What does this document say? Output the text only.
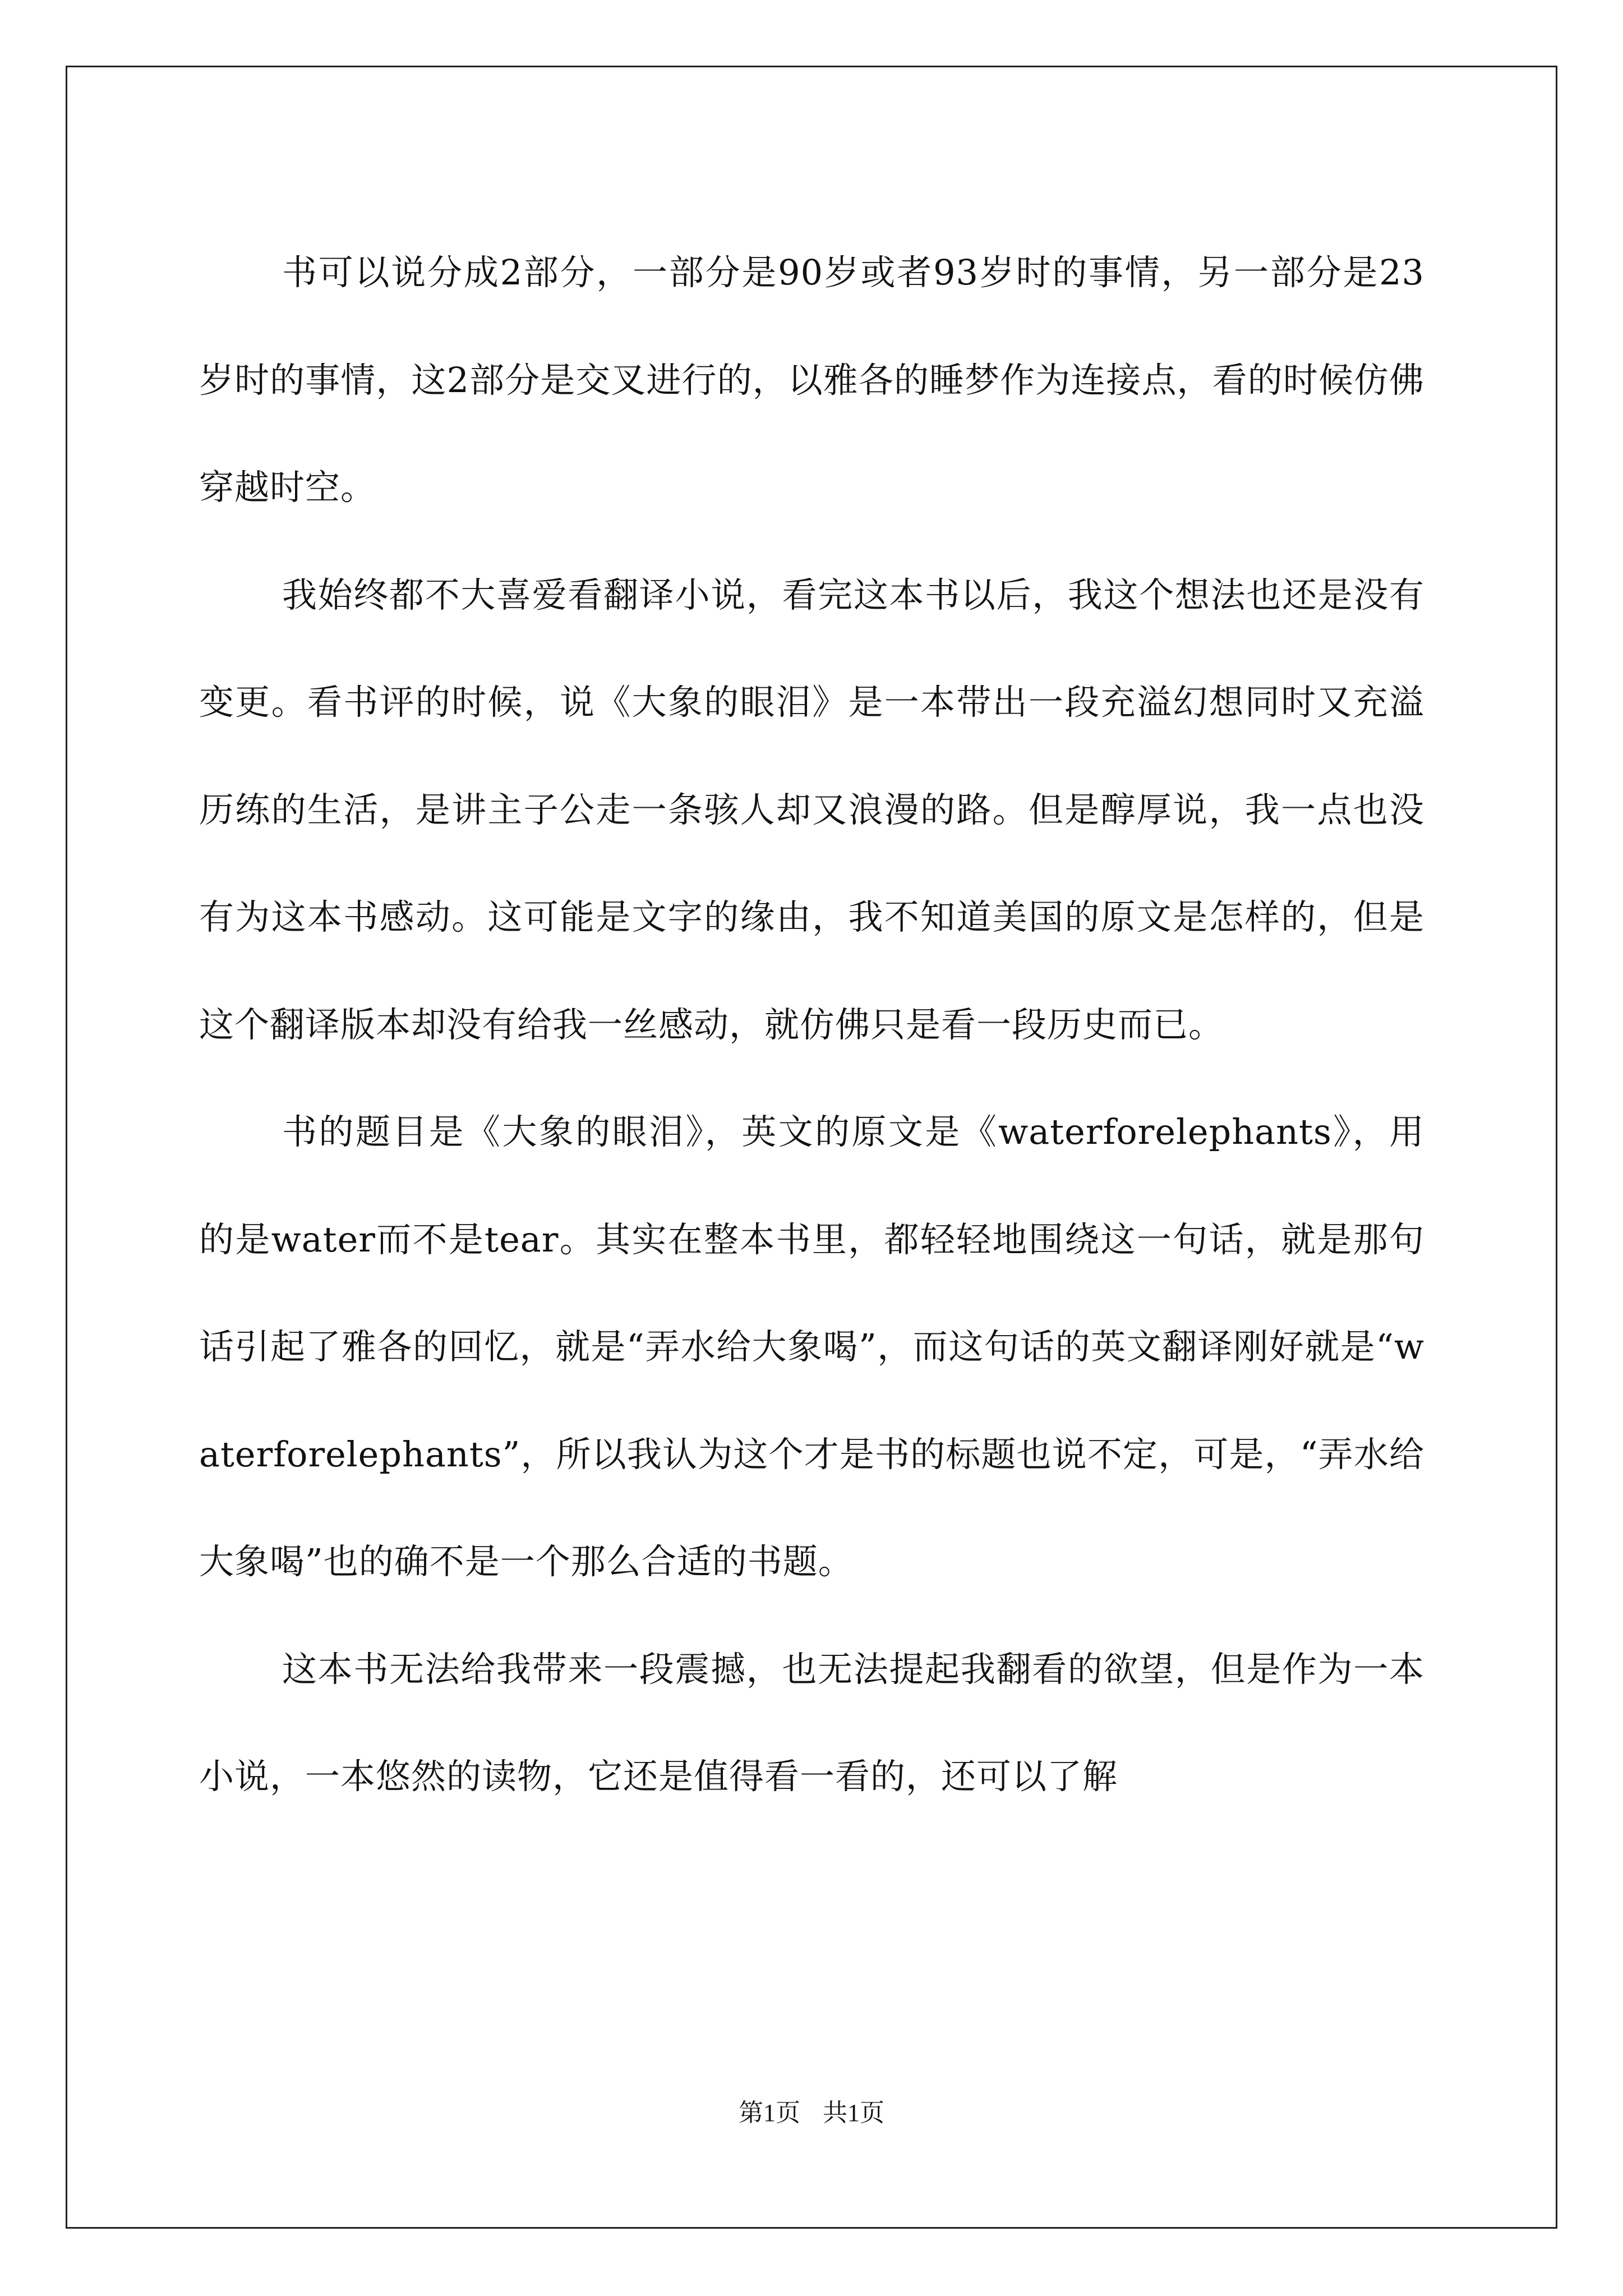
书可以说分成2部分，一部分是90岁或者93岁时的事情，另一部分是23岁时的事情，这2部分是交叉进行的，以雅各的睡梦作为连接点，看的时候仿佛穿越时空。

我始终都不大喜爱看翻译小说，看完这本书以后，我这个想法也还是没有变更。看书评的时候，说《大象的眼泪》是一本带出一段充溢幻想同时又充溢历练的生活，是讲主子公走一条骇人却又浪漫的路。但是醇厚说，我一点也没有为这本书感动。这可能是文字的缘由，我不知道美国的原文是怎样的，但是这个翻译版本却没有给我一丝感动，就仿佛只是看一段历史而已。

书的题目是《大象的眼泪》，英文的原文是《waterforelephants》，用的是water而不是tear。其实在整本书里，都轻轻地围绕这一句话，就是那句话引起了雅各的回忆，就是“弄水给大象喝”，而这句话的英文翻译刚好就是“waterforelephants”，所以我认为这个才是书的标题也说不定，可是，“弄水给大象喝”也的确不是一个那么合适的书题。

这本书无法给我带来一段震撼，也无法提起我翻看的欲望，但是作为一本小说，一本悠然的读物，它还是值得看一看的，还可以了解

第1页 共1页
